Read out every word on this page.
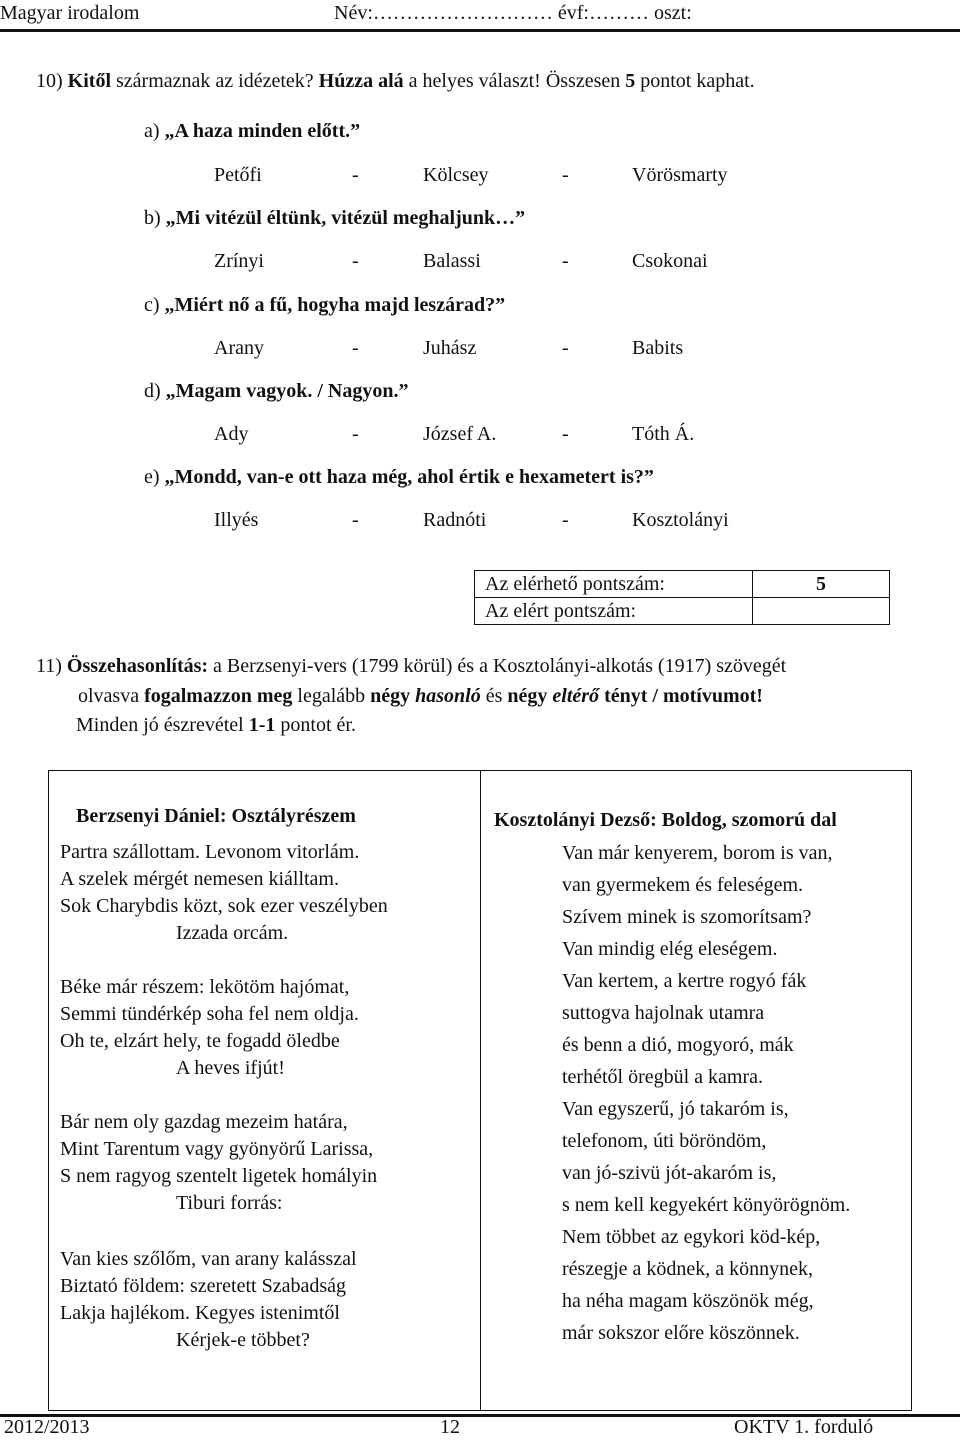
Magyar irodalom	Név:……………………… évf:……… oszt:
10) Kitől származnak az idézetek? Húzza alá a helyes választ! Összesen 5 pontot kaphat.
a) „A haza minden előtt.”
Petőfi	-	Kölcsey	-	Vörösmarty
b) „Mi vitézül éltünk, vitézül meghaljunk…”
Zrínyi	-	Balassi	-	Csokonai
c) „Miért nő a fű, hogyha majd leszárad?”
Arany	-	Juhász	-	Babits
d) „Magam vagyok. / Nagyon.”
Ady	-	József A.	-	Tóth Á.
e) „Mondd, van-e ott haza még, ahol értik e hexametert is?”
Illyés	-	Radnóti	-	Kosztolányi
Az elérhető pontszám:	5
Az elért pontszám:	
11) Összehasonlítás: a Berzsenyi-vers (1799 körül) és a Kosztolányi-alkotás (1917) szövegét
olvasva fogalmazzon meg legalább négy hasonló és négy eltérő tényt / motívumot!
Minden jó észrevétel 1-1 pontot ér.
Berzsenyi Dániel: Osztályrészem
Partra szállottam. Levonom vitorlám.
A szelek mérgét nemesen kiálltam.
Sok Charybdis közt, sok ezer veszélyben
Izzada orcám.
Béke már részem: lekötöm hajómat,
Semmi tündérkép soha fel nem oldja.
Oh te, elzárt hely, te fogadd öledbe
A heves ifjút!
Bár nem oly gazdag mezeim határa,
Mint Tarentum vagy gyönyörű Larissa,
S nem ragyog szentelt ligetek homályin
Tiburi forrás:
Van kies szőlőm, van arany kalásszal
Biztató földem: szeretett Szabadság
Lakja hajlékom. Kegyes istenimtől
Kérjek-e többet?
Kosztolányi Dezső: Boldog, szomorú dal
Van már kenyerem, borom is van,
van gyermekem és feleségem.
Szívem minek is szomorítsam?
Van mindig elég eleségem.
Van kertem, a kertre rogyó fák
suttogva hajolnak utamra
és benn a dió, mogyoró, mák
terhétől öregbül a kamra.
Van egyszerű, jó takaróm is,
telefonom, úti böröndöm,
van jó-szivü jót-akaróm is,
s nem kell kegyekért könyörögnöm.
Nem többet az egykori köd-kép,
részegje a ködnek, a könnynek,
ha néha magam köszönök még,
már sokszor előre köszönnek.
2012/2013	12	OKTV 1. forduló
